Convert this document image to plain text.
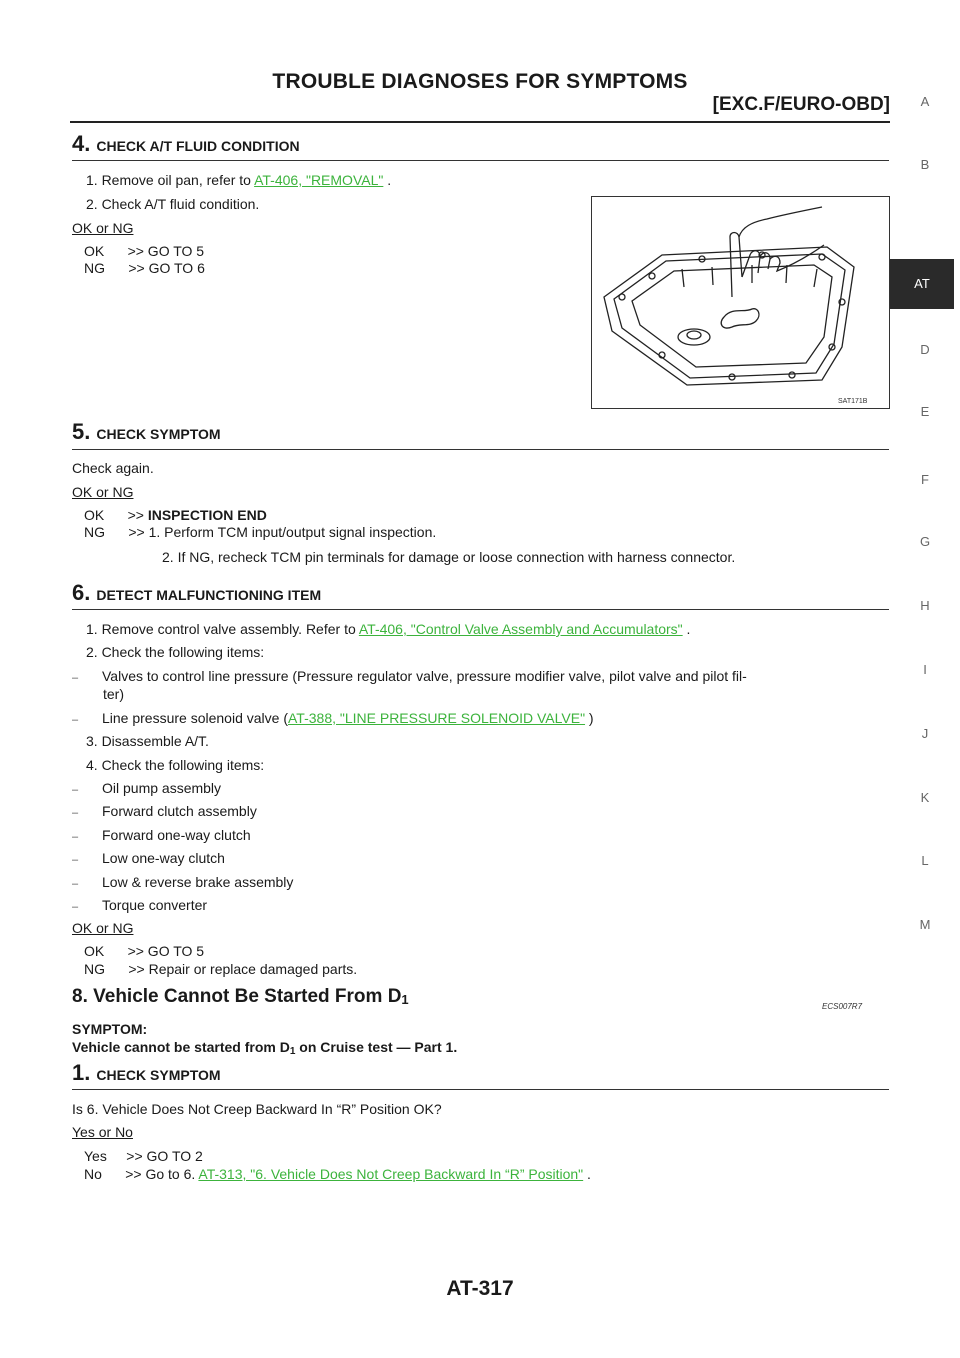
TROUBLE DIAGNOSES FOR SYMPTOMS
[EXC.F/EURO-OBD]	A
B
AT
D
E
F
G
H
I
J
K
L
M
4. CHECK A/T FLUID CONDITION
1. Remove oil pan, refer to AT-406, "REMOVAL" .
2. Check A/T fluid condition.
OK or NG
OK      >> GO TO 5
NG      >> GO TO 6
SAT171B
5. CHECK SYMPTOM
Check again.
OK or NG
OK      >> INSPECTION END
NG      >> 1. Perform TCM input/output signal inspection.
2. If NG, recheck TCM pin terminals for damage or loose connection with harness connector.
6. DETECT MALFUNCTIONING ITEM
1. Remove control valve assembly. Refer to AT-406, "Control Valve Assembly and Accumulators" .
2. Check the following items:
– Valves to control line pressure (Pressure regulator valve, pressure modifier valve, pilot valve and pilot fil-
ter)
– Line pressure solenoid valve (AT-388, "LINE PRESSURE SOLENOID VALVE" )
3. Disassemble A/T.
4. Check the following items:
– Oil pump assembly
– Forward clutch assembly
– Forward one-way clutch
– Low one-way clutch
– Low & reverse brake assembly
– Torque converter
OK or NG
OK      >> GO TO 5
NG      >> Repair or replace damaged parts.
8. Vehicle Cannot Be Started From $D_1$	ECS007R7
SYMPTOM:
Vehicle cannot be started from $D_1$ on Cruise test — Part 1.
1. CHECK SYMPTOM
Is 6. Vehicle Does Not Creep Backward In “R” Position OK?
Yes or No
Yes     >> GO TO 2
No      >> Go to 6. AT-313, "6. Vehicle Does Not Creep Backward In “R” Position" .
AT-317
